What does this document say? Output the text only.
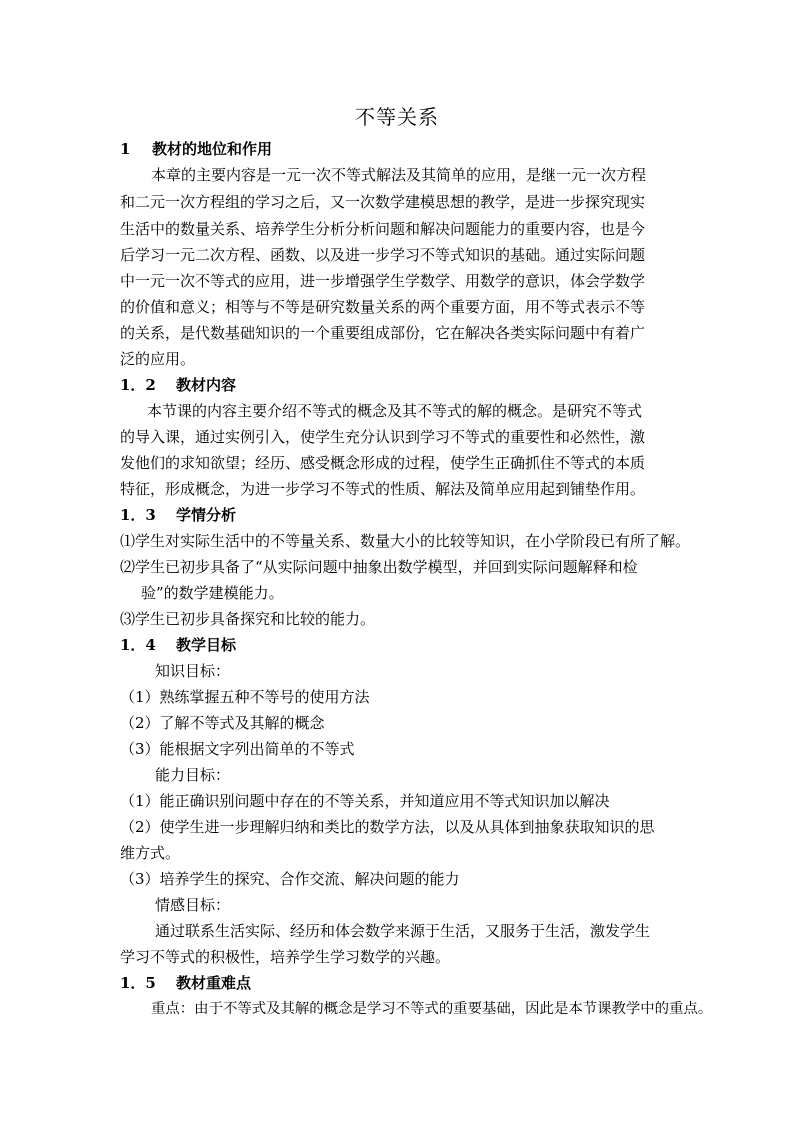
不等关系
1 教材的地位和作用
本章的主要内容是一元一次不等式解法及其简单的应用，是继一元一次方程
和二元一次方程组的学习之后，又一次数学建模思想的教学，是进一步探究现实
生活中的数量关系、培养学生分析分析问题和解决问题能力的重要内容，也是今
后学习一元二次方程、函数、以及进一步学习不等式知识的基础。通过实际问题
中一元一次不等式的应用，进一步增强学生学数学、用数学的意识，体会学数学
的价值和意义；相等与不等是研究数量关系的两个重要方面，用不等式表示不等
的关系，是代数基础知识的一个重要组成部份，它在解决各类实际问题中有着广
泛的应用。
1．2 教材内容
本节课的内容主要介绍不等式的概念及其不等式的解的概念。是研究不等式
的导入课，通过实例引入，使学生充分认识到学习不等式的重要性和必然性，激
发他们的求知欲望；经历、感受概念形成的过程，使学生正确抓住不等式的本质
特征，形成概念，为进一步学习不等式的性质、解法及简单应用起到铺垫作用。
1．3 学情分析
⑴学生对实际生活中的不等量关系、数量大小的比较等知识，在小学阶段已有所了解。
⑵学生已初步具备了“从实际问题中抽象出数学模型，并回到实际问题解释和检
验”的数学建模能力。
⑶学生已初步具备探究和比较的能力。
1．4 教学目标
知识目标：
（1）熟练掌握五种不等号的使用方法
（2）了解不等式及其解的概念
（3）能根据文字列出简单的不等式
能力目标：
（1）能正确识别问题中存在的不等关系，并知道应用不等式知识加以解决
（2）使学生进一步理解归纳和类比的数学方法，以及从具体到抽象获取知识的思
维方式。
（3）培养学生的探究、合作交流、解决问题的能力
情感目标：
通过联系生活实际、经历和体会数学来源于生活，又服务于生活，激发学生
学习不等式的积极性，培养学生学习数学的兴趣。
1．5 教材重难点
重点：由于不等式及其解的概念是学习不等式的重要基础，因此是本节课教学中的重点。
